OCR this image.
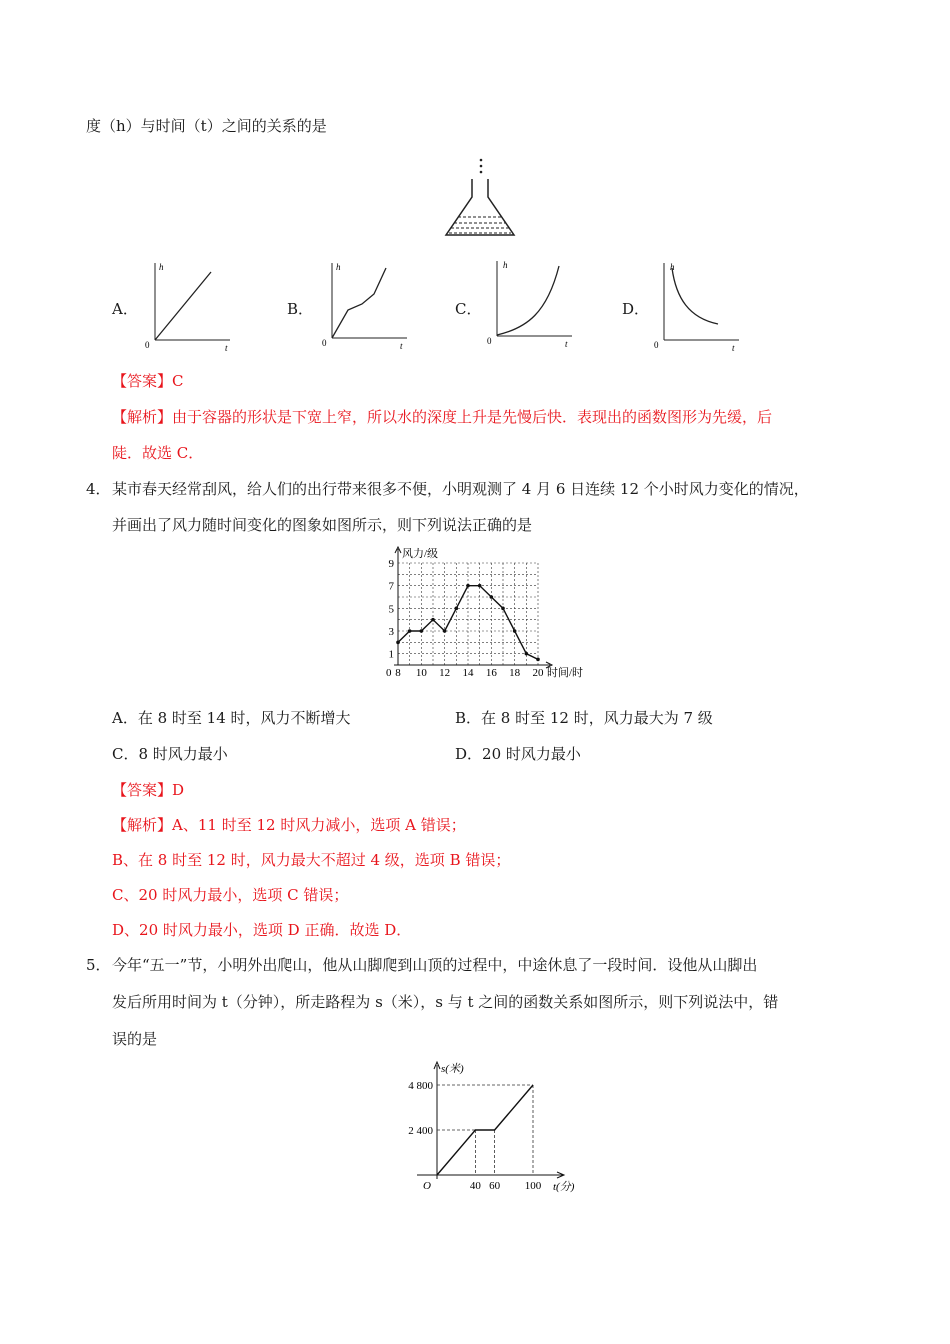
度（h）与时间（t）之间的关系的是
A．
h
0	t
B．
h
0	t
C．
h
0	t
D．
h
0	t
【答案】C
【解析】由于容器的形状是下宽上窄，所以水的深度上升是先慢后快．表现出的函数图形为先缓，后
陡．故选 C．
4． 某市春天经常刮风，给人们的出行带来很多不便，小明观测了 4 月 6 日连续 12 个小时风力变化的情况，
并画出了风力随时间变化的图象如图所示，则下列说法正确的是
风力/级
时间/时
0
1
3
5
7
9
8 10 12 14 16 18 20
A．在 8 时至 14 时，风力不断增大	B．在 8 时至 12 时，风力最大为 7 级
C．8 时风力最小	D．20 时风力最小
【答案】D
【解析】A、11 时至 12 时风力减小，选项 A 错误；
B、在 8 时至 12 时，风力最大不超过 4 级，选项 B 错误；
C、20 时风力最小，选项 C 错误；
D、20 时风力最小，选项 D 正确．故选 D．
5． 今年“五一”节，小明外出爬山，他从山脚爬到山顶的过程中，中途休息了一段时间．设他从山脚出
发后所用时间为 t（分钟），所走路程为 s（米），s 与 t 之间的函数关系如图所示，则下列说法中，错
误的是
s(米)
t(分)
O
2 400
4 800
40 60 100
